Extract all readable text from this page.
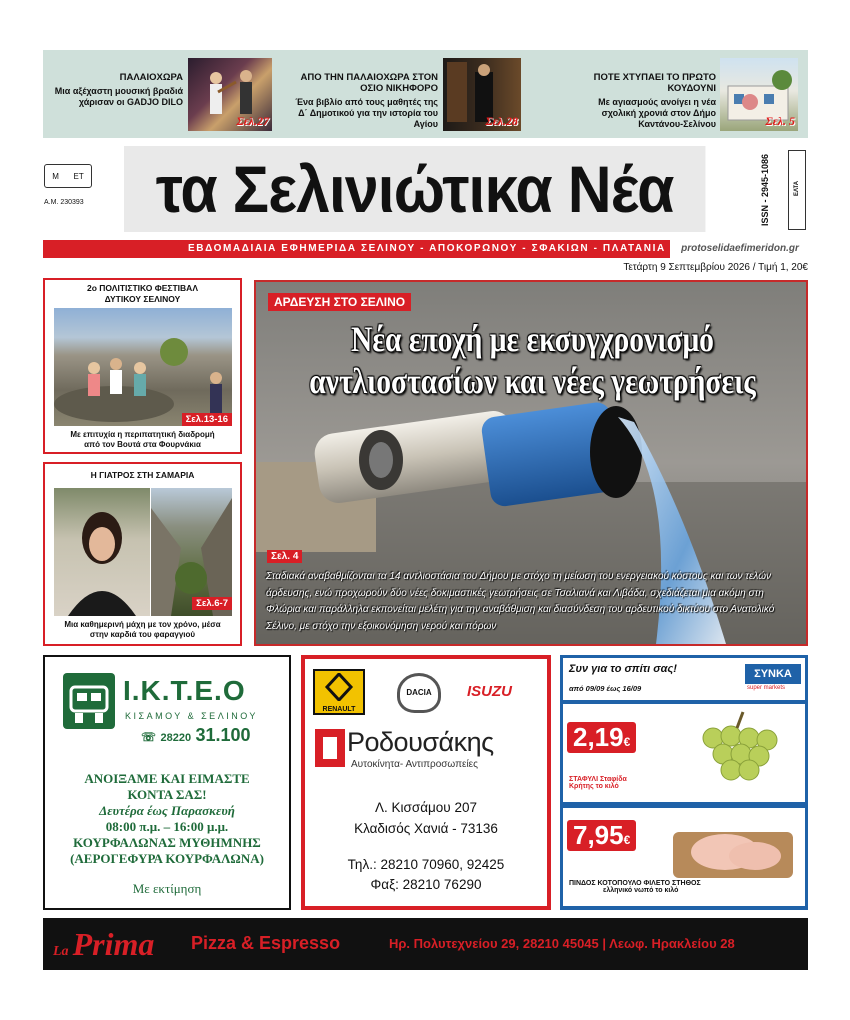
ΠΑΛΑΙΟΧΩΡΑ
Μια αξέχαστη μουσική βραδιά χάρισαν οι GADJO DILO
Σελ.27
ΑΠΟ ΤΗΝ ΠΑΛΑΙΟΧΩΡΑ ΣΤΟΝ ΟΣΙΟ ΝΙΚΗΦΟΡΟ
Ένα βιβλίο από τους μαθητές της Δ΄ Δημοτικού για την ιστορία του Αγίου	Σελ.28
ΠΟΤΕ ΧΤΥΠΑΕΙ ΤΟ ΠΡΩΤΟ ΚΟΥΔΟΥΝΙ
Με αγιασμούς ανοίγει η νέα σχολική χρονιά στον Δήμο Καντάνου-Σελίνου	Σελ. 5
Μ ΕΤ
Α.Μ. 230393	τα Σελινιώτικα Νέα	ISSN - 2945-1086	ΕΛΤΑ
ΕΒΔΟΜΑΔΙΑΙΑ ΕΦΗΜΕΡΙΔΑ ΣΕΛΙΝΟΥ - ΑΠΟΚΟΡΩΝΟΥ - ΣΦΑΚΙΩΝ - ΠΛΑΤΑΝΙΑ	protoselidaefimeridon.gr
Τετάρτη 9 Σεπτεμβρίου 2026 / Τιμή 1, 20€
2ο ΠΟΛΙΤΙΣΤΙΚΟ ΦΕΣΤΙΒΑΛ
ΔΥΤΙΚΟΥ ΣΕΛΙΝΟΥ
Σελ.13-16
Με επιτυχία η περιπατητική διαδρομή
από τον Βουτά στα Φουρνάκια
Η ΓΙΑΤΡΟΣ ΣΤΗ ΣΑΜΑΡΙΑ
Σελ.6-7
Μια καθημερινή μάχη με τον χρόνο, μέσα
στην καρδιά του φαραγγιού
ΑΡΔΕΥΣΗ ΣΤΟ ΣΕΛΙΝΟ
Νέα εποχή με εκσυγχρονισμό
αντλιοστασίων και νέες γεωτρήσεις
Σελ. 4
Σταδιακά αναβαθμίζονται τα 14 αντλιοστάσια του Δήμου με στόχο τη μείωση του ενεργειακού κόστους και των τελών άρδευσης, ενώ προχωρούν δύο νέες δοκιμαστικές γεωτρήσεις σε Τσαλιανά και Λιβάδα, σχεδιάζεται μια ακόμη στη Φλώρια και παράλληλα εκπονείται μελέτη για την αναβάθμιση και διασύνδεση του αρδευτικού δικτύου στο Ανατολικό Σέλινο, με στόχο την εξοικονόμηση νερού και πόρων
Ι.Κ.Τ.Ε.Ο
ΚΙΣΑΜΟΥ & ΣΕΛΙΝΟΥ
☏ 28220 31.100
ΑΝΟΙΞΑΜΕ ΚΑΙ ΕΙΜΑΣΤΕ
ΚΟΝΤΑ ΣΑΣ!
Δευτέρα έως Παρασκευή
08:00 π.μ. – 16:00 μ.μ.
ΚΟΥΡΦΑΛΩΝΑΣ ΜΥΘΗΜΝΗΣ
(ΑΕΡΟΓΕΦΥΡΑ ΚΟΥΡΦΑΛΩΝΑ)
Με εκτίμηση
RENAULT
DACIA	ISUZU
Ροδουσάκης
Αυτοκίνητα- Αντιπροσωπείες
Λ. Κισσάμου 207
Κλαδισός Χανιά - 73136
Τηλ.: 28210 70960, 92425
Φαξ: 28210 76290
Συν για το σπίτι σας!
από 09/09 έως 16/09
ΣΥΝΚΑ
super markets
2,19€
ΣΤΑΦΥΛΙ Σταφίδα
Κρήτης το κιλό
7,95€
ΠΙΝΔΟΣ ΚΟΤΟΠΟΥΛΟ ΦΙΛΕΤΟ ΣΤΗΘΟΣ
ελληνικό νωπό το κιλό
La Prima Pizza & Espresso	Ηρ. Πολυτεχνείου 29, 28210 45045 | Λεωφ. Ηρακλείου 28
